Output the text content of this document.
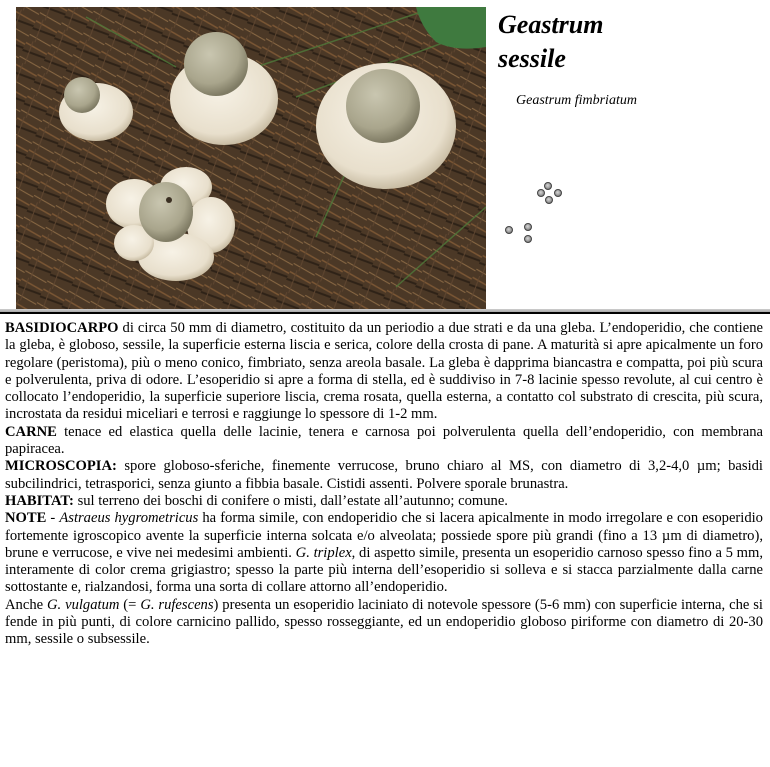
Geastrum
sessile
Geastrum fimbriatum

BASIDIOCARPO di circa 50 mm di diametro, costituito da un periodio a due strati e da una gleba. L’endoperidio, che contiene la gleba, è globoso, sessile, la superficie esterna liscia e serica, colore della crosta di pane. A maturità si apre apicalmente un foro regolare (peristoma), più o meno conico, fimbriato, senza areola basale. La gleba è dapprima biancastra e compatta, poi più scura e polverulenta, priva di odore. L’esoperidio si apre a forma di stella, ed è suddiviso in 7-8 lacinie spesso revolute, al cui centro è collocato l’endoperidio, la superficie superiore liscia, crema rosata, quella esterna, a contatto col substrato di crescita, più scura, incrostata da residui miceliari e terrosi e raggiunge lo spessore di 1-2 mm.

CARNE tenace ed elastica quella delle lacinie, tenera e carnosa poi polverulenta quella dell’endoperidio, con membrana papiracea.

MICROSCOPIA: spore globoso-sferiche, finemente verrucose, bruno chiaro al MS, con diametro di 3,2-4,0 µm; basidi subcilindrici, tetrasporici, senza giunto a fibbia basale. Cistidi assenti. Polvere sporale brunastra.

HABITAT: sul terreno dei boschi di conifere o misti, dall’estate all’autunno; comune.

NOTE - Astraeus hygrometricus ha forma simile, con endoperidio che si lacera apicalmente in modo irregolare e con esoperidio fortemente igroscopico avente la superficie interna solcata e/o alveolata; possiede spore più grandi (fino a 13 µm di diametro), brune e verrucose, e vive nei medesimi ambienti. G. triplex, di aspetto simile, presenta un esoperidio carnoso spesso fino a 5 mm, interamente di color crema grigiastro; spesso la parte più interna dell’esoperidio si solleva e si stacca parzialmente dalla carne sottostante e, rialzandosi, forma una sorta di collare attorno all’endoperidio.

Anche G. vulgatum (= G. rufescens) presenta un esoperidio laciniato di notevole spessore (5-6 mm) con superficie interna, che si fende in più punti, di colore carnicino pallido, spesso rosseggiante, ed un endoperidio globoso piriforme con diametro di 20-30 mm, sessile o subsessile.
